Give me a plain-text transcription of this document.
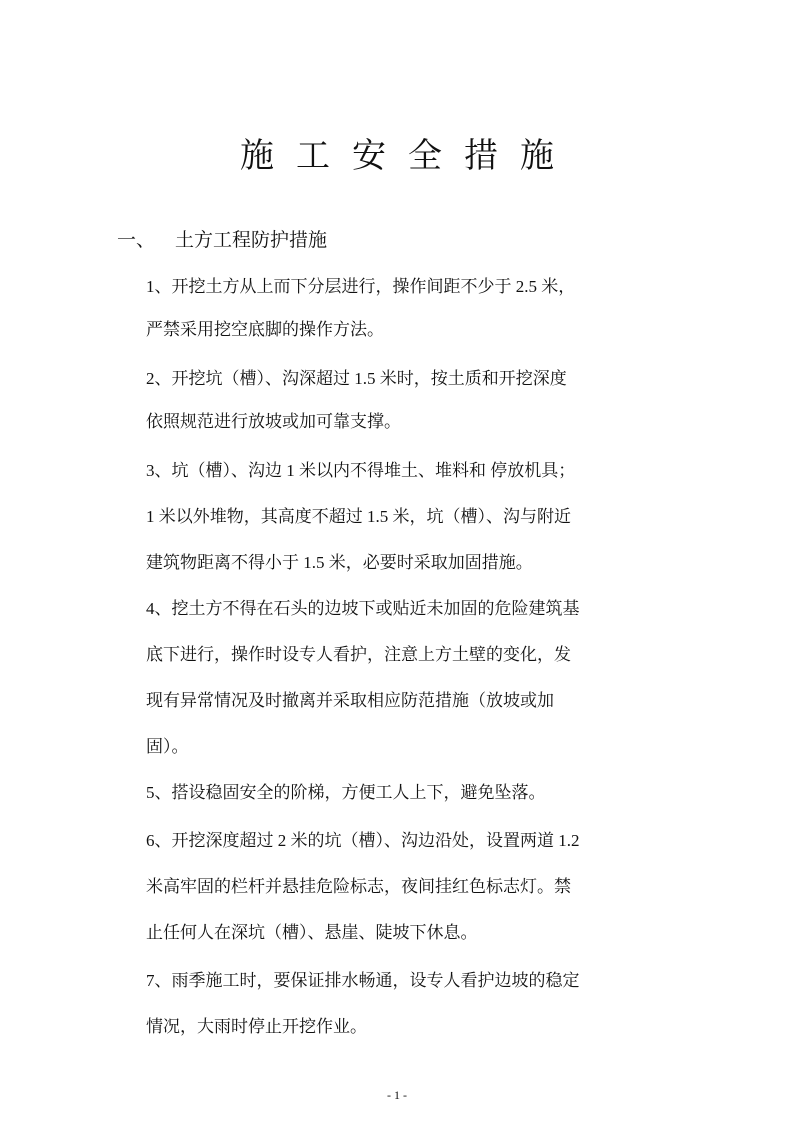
施工安全措施
一、 土方工程防护措施
1、开挖土方从上而下分层进行，操作间距不少于 2.5 米，
严禁采用挖空底脚的操作方法。
2、开挖坑（槽）、沟深超过 1.5 米时，按土质和开挖深度
依照规范进行放坡或加可靠支撑。
3、坑（槽）、沟边 1 米以内不得堆土、堆料和 停放机具；
1 米以外堆物，其高度不超过 1.5 米，坑（槽）、沟与附近
建筑物距离不得小于 1.5 米，必要时采取加固措施。
4、挖土方不得在石头的边坡下或贴近未加固的危险建筑基
底下进行，操作时设专人看护，注意上方土壁的变化，发
现有异常情况及时撤离并采取相应防范措施（放坡或加
固）。
5、搭设稳固安全的阶梯，方便工人上下，避免坠落。
6、开挖深度超过 2 米的坑（槽）、沟边沿处，设置两道 1.2
米高牢固的栏杆并悬挂危险标志，夜间挂红色标志灯。禁
止任何人在深坑（槽）、悬崖、陡坡下休息。
7、雨季施工时，要保证排水畅通，设专人看护边坡的稳定
情况，大雨时停止开挖作业。
- 1 -
